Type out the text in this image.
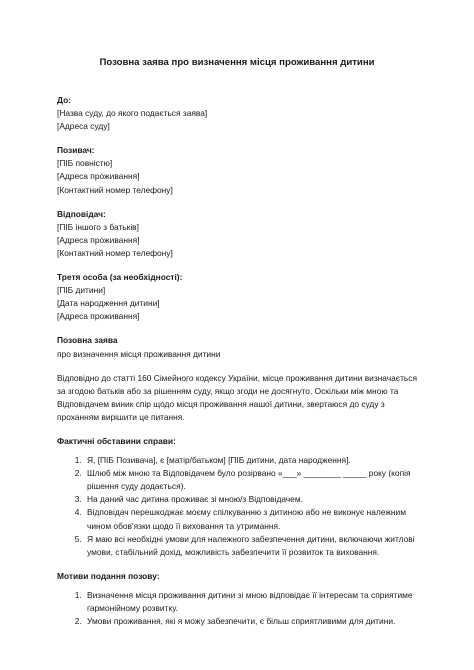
Позовна заява про визначення місця проживання дитини
До:
[Назва суду, до якого подається заява]
[Адреса суду]
Позивач:
[ПІБ повністю]
[Адреса проживання]
[Контактний номер телефону]
Відповідач:
[ПІБ іншого з батьків]
[Адреса проживання]
[Контактний номер телефону]
Третя особа (за необхідності):
[ПІБ дитини]
[Дата народження дитини]
[Адреса проживання]
Позовна заява
про визначення місця проживання дитини

Відповідно до статті 160 Сімейного кодексу України, місце проживання дитини визначається за згодою батьків або за рішенням суду, якщо згоди не досягнуто. Оскільки між мною та Відповідачем виник спір щодо місця проживання нашої дитини, звертаюся до суду з проханням вирішити це питання.

Фактичні обставини справи:
1. Я, [ПІБ Позивача], є [матір/батьком] [ПІБ дитини, дата народження].
2. Шлюб між мною та Відповідачем було розірвано «___» ________ _____ року (копія рішення суду додається).
3. На даний час дитина проживає зі мною/з Відповідачем.
4. Відповідач перешкоджає моєму спілкуванню з дитиною або не виконує належним чином обов'язки щодо її виховання та утримання.
5. Я маю всі необхідні умови для належного забезпечення дитини, включаючи житлові умови, стабільний дохід, можливість забезпечити її розвиток та виховання.
Мотиви подання позову:
1. Визначення місця проживання дитини зі мною відповідає її інтересам та сприятиме гармонійному розвитку.
2. Умови проживання, які я можу забезпечити, є більш сприятливими для дитини.
